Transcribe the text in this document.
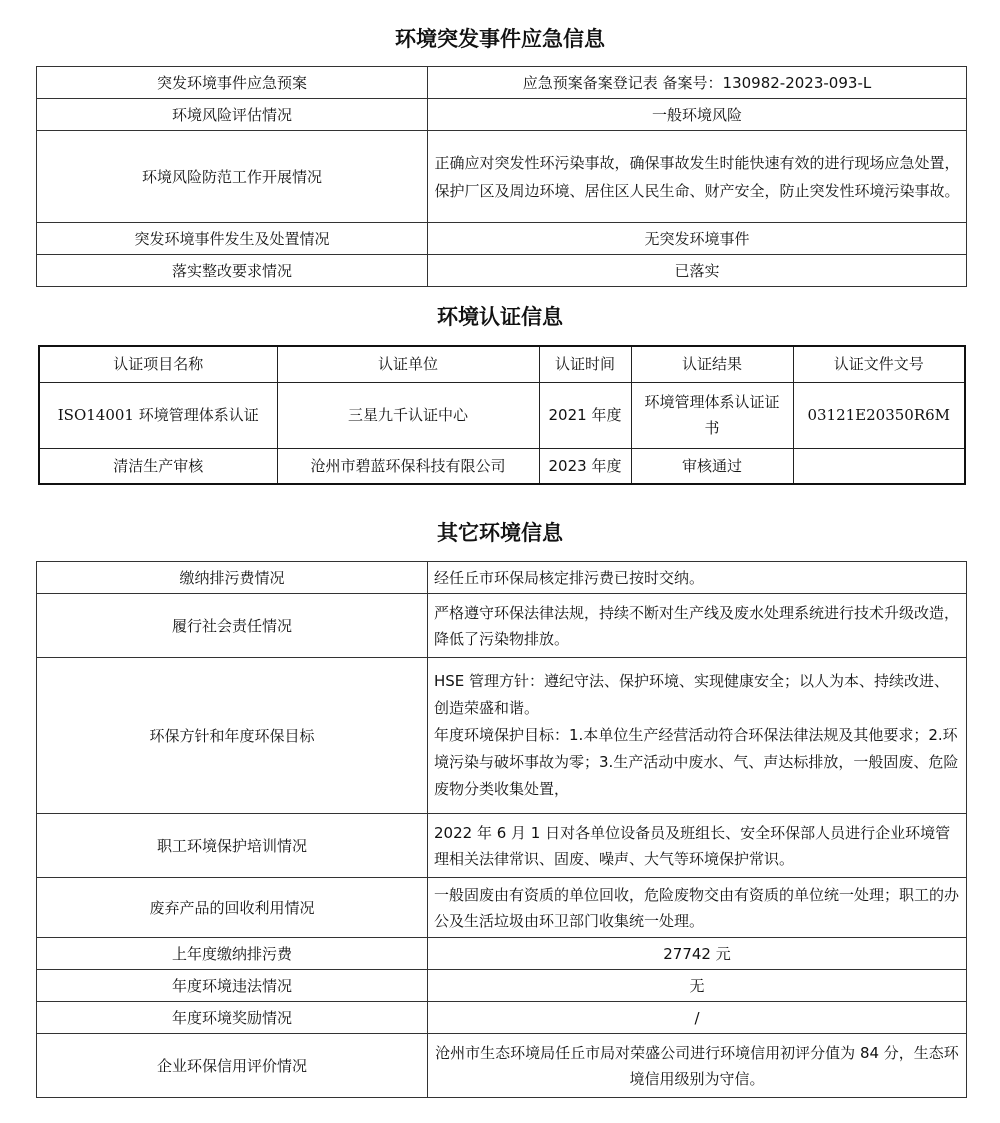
环境突发事件应急信息
突发环境事件应急预案	应急预案备案登记表 备案号：130982-2023-093-L
环境风险评估情况	一般环境风险
环境风险防范工作开展情况	正确应对突发性环污染事故，确保事故发生时能快速有效的进行现场应急处置，保护厂区及周边环境、居住区人民生命、财产安全，防止突发性环境污染事故。
突发环境事件发生及处置情况	无突发环境事件
落实整改要求情况	已落实
环境认证信息
认证项目名称	认证单位	认证时间	认证结果	认证文件文号
ISO14001 环境管理体系认证	三星九千认证中心	2021 年度	环境管理体系认证证书	03121E20350R6M
清洁生产审核	沧州市碧蓝环保科技有限公司	2023 年度	审核通过	
其它环境信息
缴纳排污费情况	经任丘市环保局核定排污费已按时交纳。
履行社会责任情况	严格遵守环保法律法规，持续不断对生产线及废水处理系统进行技术升级改造，降低了污染物排放。
环保方针和年度环保目标	HSE 管理方针：遵纪守法、保护环境、实现健康安全；以人为本、持续改进、创造荣盛和谐。
年度环境保护目标：1.本单位生产经营活动符合环保法律法规及其他要求；2.环境污染与破坏事故为零；3.生产活动中废水、气、声达标排放，一般固废、危险废物分类收集处置，

职工环境保护培训情况	2022 年 6 月 1 日对各单位设备员及班组长、安全环保部人员进行企业环境管理相关法律常识、固废、噪声、大气等环境保护常识。
废弃产品的回收利用情况	一般固废由有资质的单位回收，危险废物交由有资质的单位统一处理；职工的办公及生活垃圾由环卫部门收集统一处理。
上年度缴纳排污费	27742 元
年度环境违法情况	无
年度环境奖励情况	/
企业环保信用评价情况	沧州市生态环境局任丘市局对荣盛公司进行环境信用初评分值为 84 分，生态环境信用级别为守信。
